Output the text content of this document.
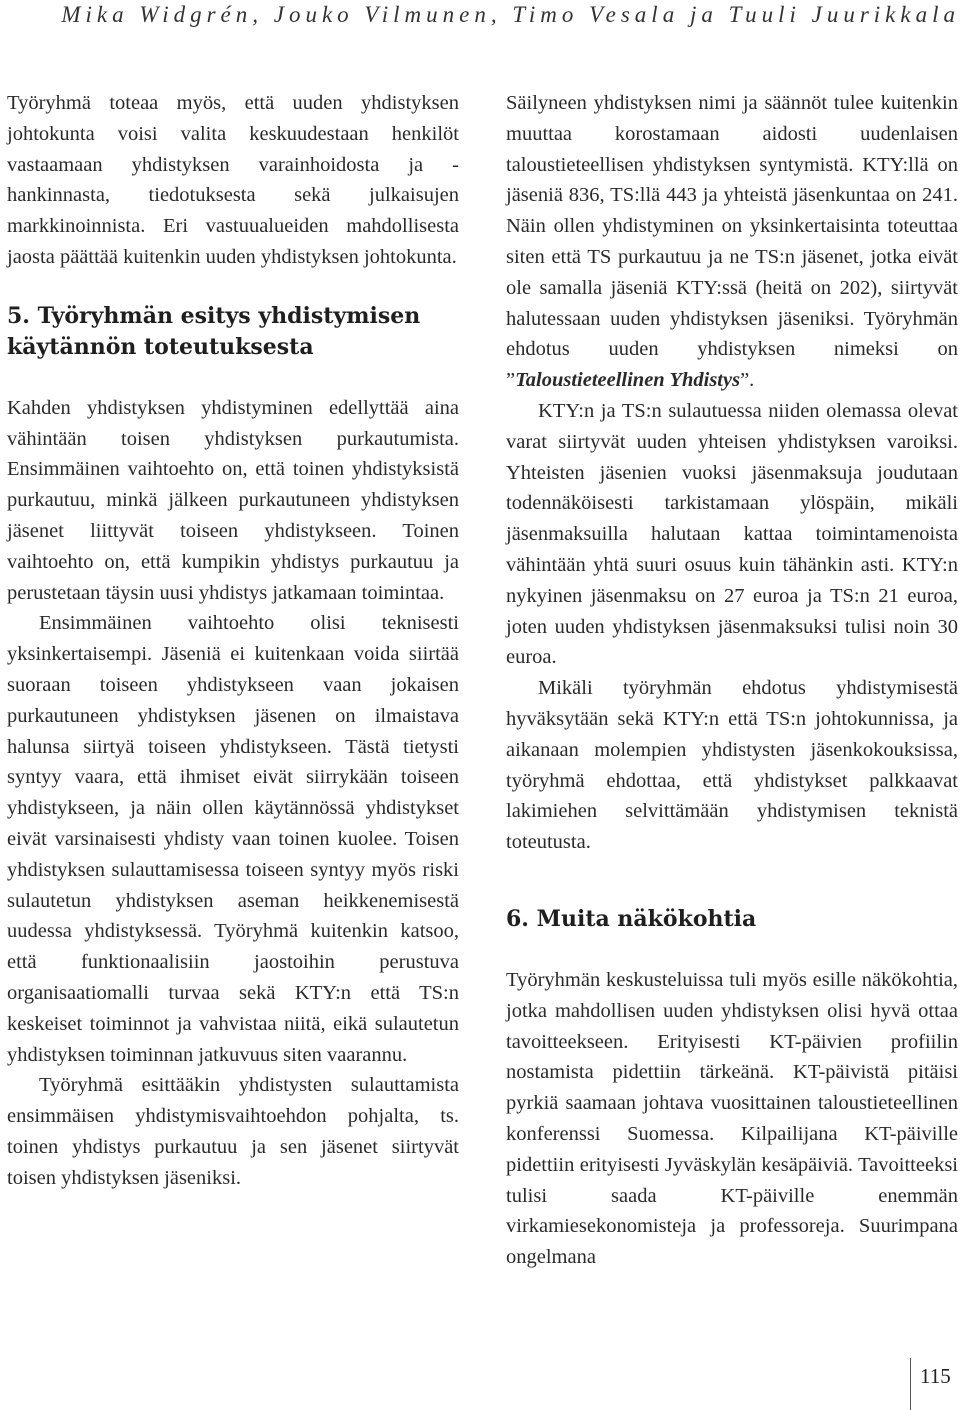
Mika Widgrén, Jouko Vilmunen, Timo Vesala ja Tuuli Juurikkala

Työryhmä toteaa myös, että uuden yhdistyksen johtokunta voisi valita keskuudestaan henkilöt vastaamaan yhdistyksen varainhoidosta ja -hankinnasta, tiedotuksesta sekä julkaisujen markkinoinnista. Eri vastuualueiden mahdollisesta jaosta päättää kuitenkin uuden yhdistyksen johtokunta.

5. Työryhmän esitys yhdistymisen käytännön toteutuksesta

Kahden yhdistyksen yhdistyminen edellyttää aina vähintään toisen yhdistyksen purkautumista. Ensimmäinen vaihtoehto on, että toinen yhdistyksistä purkautuu, minkä jälkeen purkautuneen yhdistyksen jäsenet liittyvät toiseen yhdistykseen. Toinen vaihtoehto on, että kumpikin yhdistys purkautuu ja perustetaan täysin uusi yhdistys jatkamaan toimintaa.

Ensimmäinen vaihtoehto olisi teknisesti yksinkertaisempi. Jäseniä ei kuitenkaan voida siirtää suoraan toiseen yhdistykseen vaan jokaisen purkautuneen yhdistyksen jäsenen on ilmaistava halunsa siirtyä toiseen yhdistykseen. Tästä tietysti syntyy vaara, että ihmiset eivät siirrykään toiseen yhdistykseen, ja näin ollen käytännössä yhdistykset eivät varsinaisesti yhdisty vaan toinen kuolee. Toisen yhdistyksen sulauttamisessa toiseen syntyy myös riski sulautetun yhdistyksen aseman heikkenemisestä uudessa yhdistyksessä. Työryhmä kuitenkin katsoo, että funktionaalisiin jaostoihin perustuva organisaatiomalli turvaa sekä KTY:n että TS:n keskeiset toiminnot ja vahvistaa niitä, eikä sulautetun yhdistyksen toiminnan jatkuvuus siten vaarannu.

Työryhmä esittääkin yhdistysten sulauttamista ensimmäisen yhdistymisvaihtoehdon pohjalta, ts. toinen yhdistys purkautuu ja sen jäsenet siirtyvät toisen yhdistyksen jäseniksi.

Säilyneen yhdistyksen nimi ja säännöt tulee kuitenkin muuttaa korostamaan aidosti uudenlaisen taloustieteellisen yhdistyksen syntymistä. KTY:llä on jäseniä 836, TS:llä 443 ja yhteistä jäsenkuntaa on 241. Näin ollen yhdistyminen on yksinkertaisinta toteuttaa siten että TS purkautuu ja ne TS:n jäsenet, jotka eivät ole samalla jäseniä KTY:ssä (heitä on 202), siirtyvät halutessaan uuden yhdistyksen jäseniksi. Työryhmän ehdotus uuden yhdistyksen nimeksi on ”Taloustieteellinen Yhdistys”.

KTY:n ja TS:n sulautuessa niiden olemassa olevat varat siirtyvät uuden yhteisen yhdistyksen varoiksi. Yhteisten jäsenien vuoksi jäsenmaksuja joudutaan todennäköisesti tarkistamaan ylöspäin, mikäli jäsenmaksuilla halutaan kattaa toimintamenoista vähintään yhtä suuri osuus kuin tähänkin asti. KTY:n nykyinen jäsenmaksu on 27 euroa ja TS:n 21 euroa, joten uuden yhdistyksen jäsenmaksuksi tulisi noin 30 euroa.

Mikäli työryhmän ehdotus yhdistymisestä hyväksytään sekä KTY:n että TS:n johtokunnissa, ja aikanaan molempien yhdistysten jäsenkokouksissa, työryhmä ehdottaa, että yhdistykset palkkaavat lakimiehen selvittämään yhdistymisen teknistä toteutusta.

6. Muita näkökohtia

Työryhmän keskusteluissa tuli myös esille näkökohtia, jotka mahdollisen uuden yhdistyksen olisi hyvä ottaa tavoitteekseen. Erityisesti KT-päivien profiilin nostamista pidettiin tärkeänä. KT-päivistä pitäisi pyrkiä saamaan johtava vuosittainen taloustieteellinen konferenssi Suomessa. Kilpailijana KT-päiville pidettiin erityisesti Jyväskylän kesäpäiviä. Tavoitteeksi tulisi saada KT-päiville enemmän virkamiesekonomisteja ja professoreja. Suurimpana ongelmana

115
